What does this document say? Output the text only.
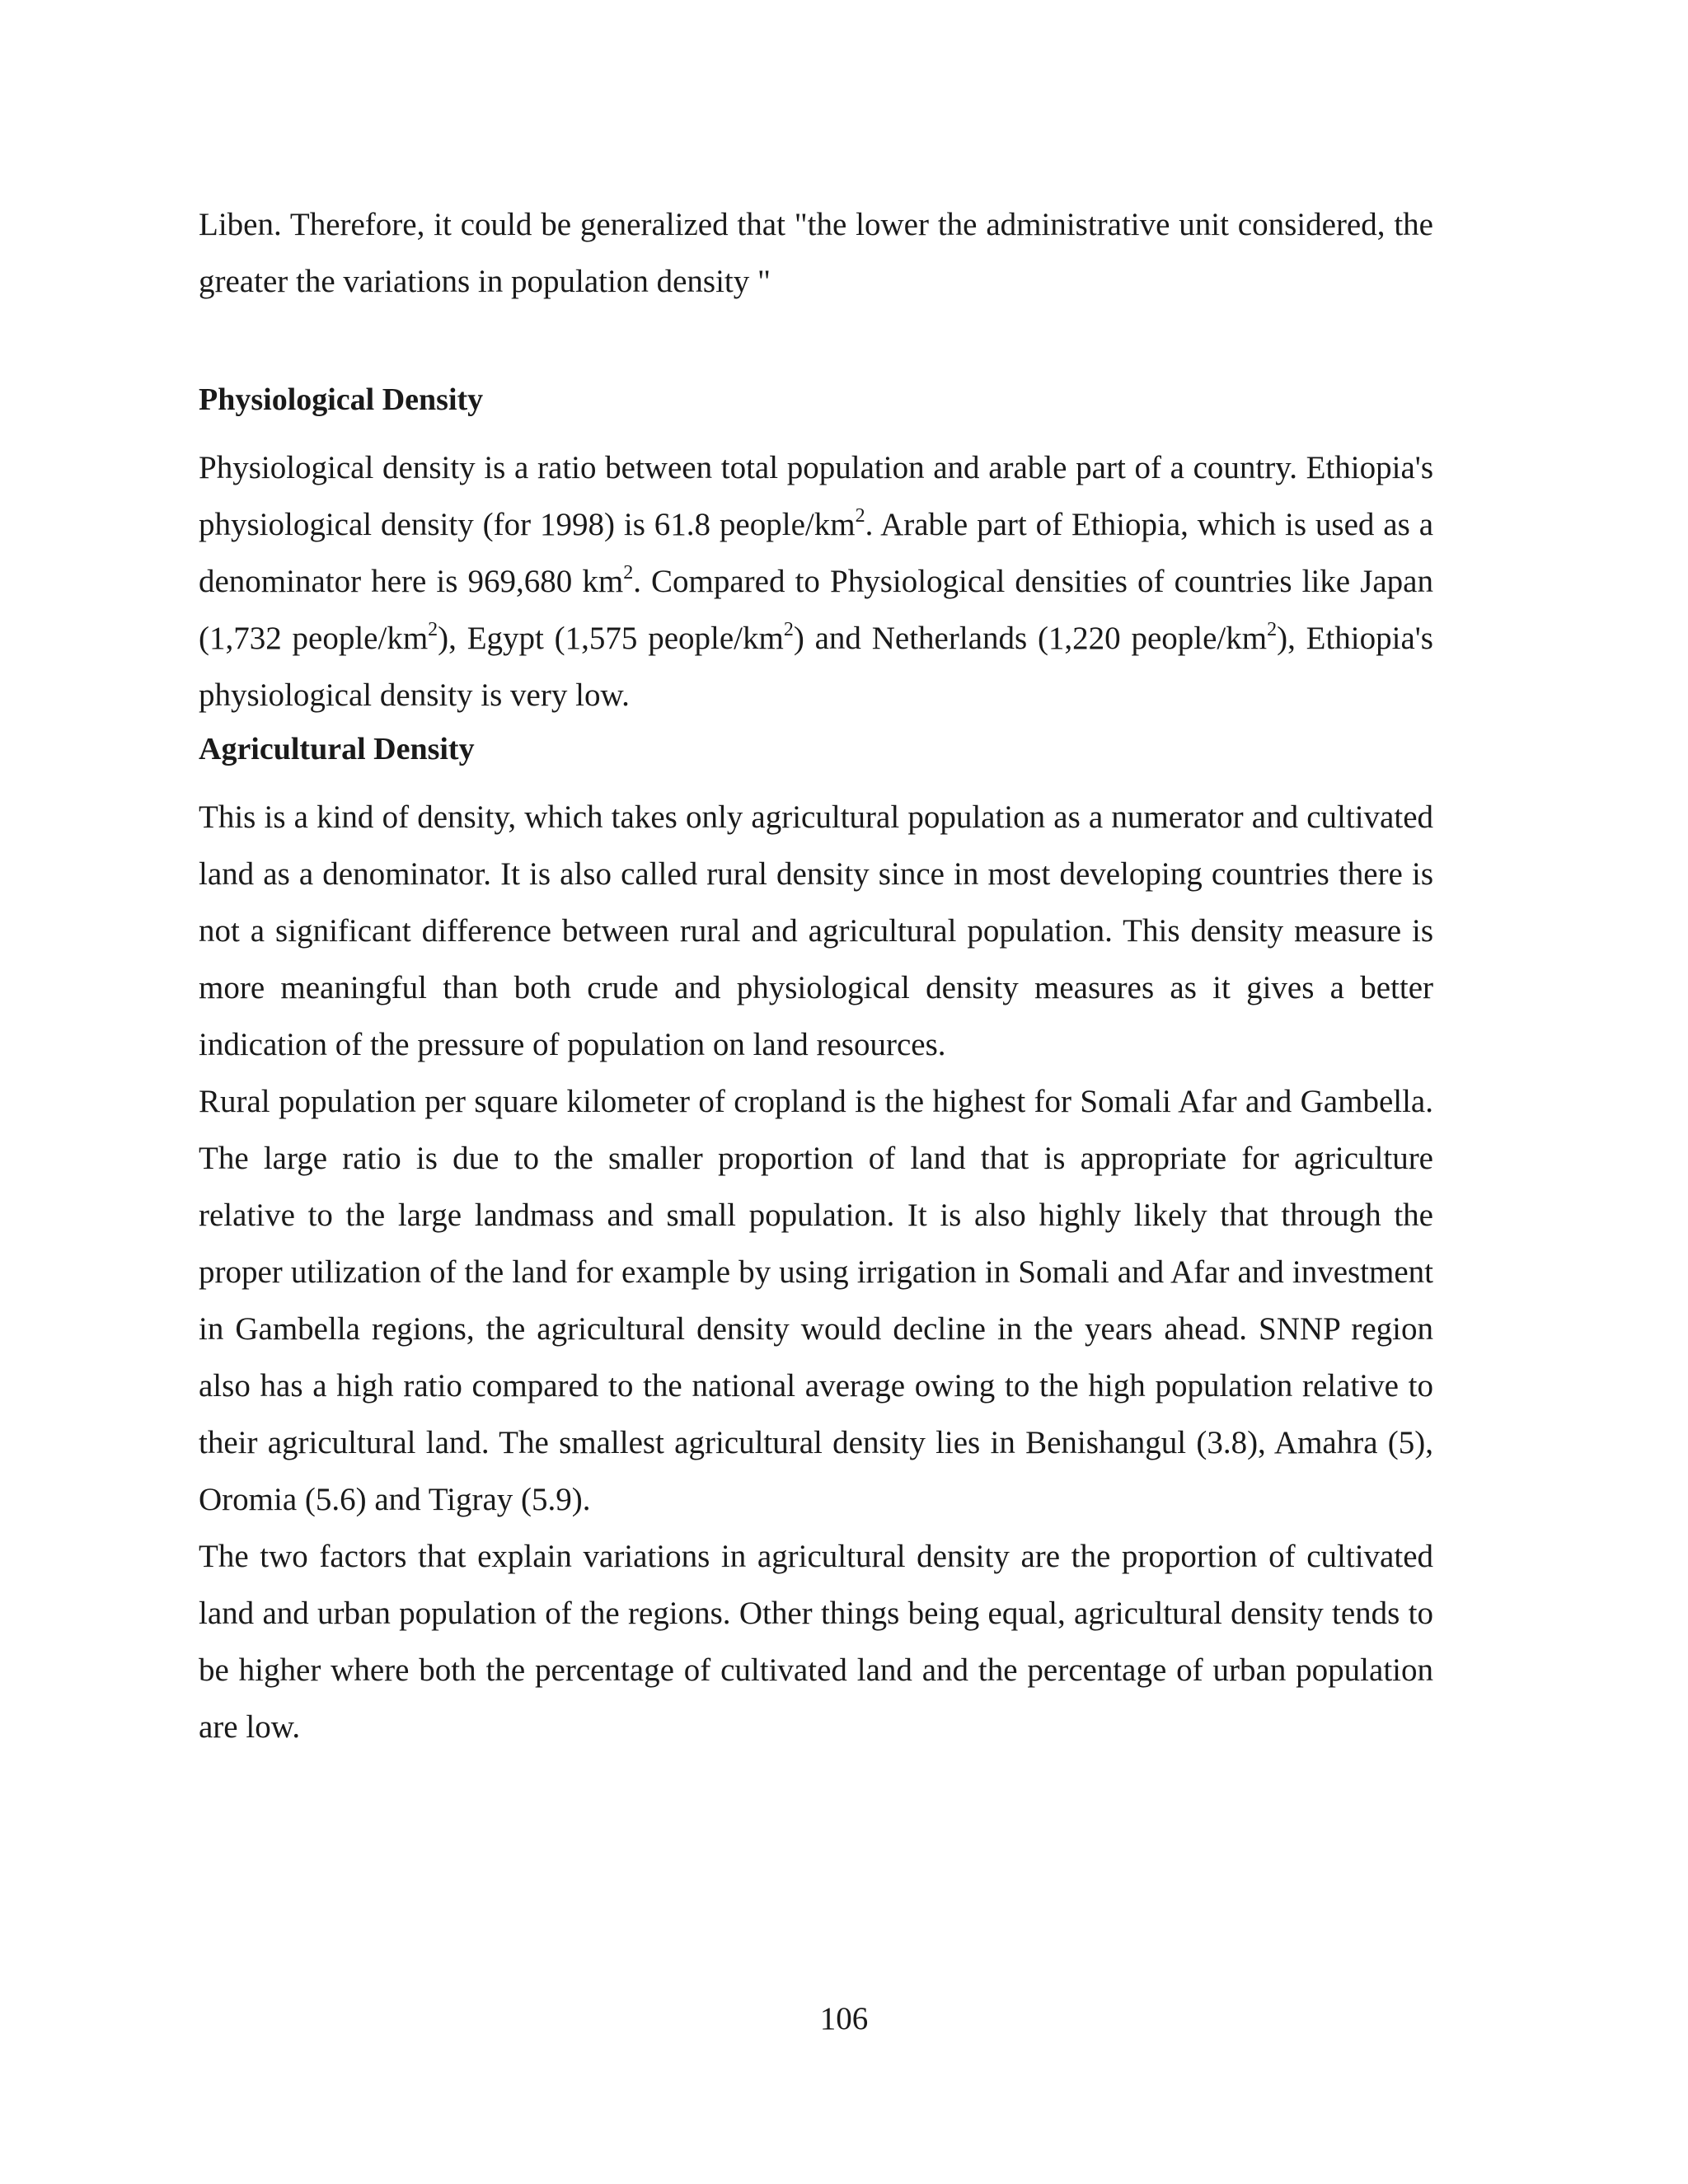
Liben. Therefore, it could be generalized that "the lower the administrative unit considered, the greater the variations in population density "

Physiological Density

Physiological density is a ratio between total population and arable part of a country. Ethiopia's physiological density (for 1998) is 61.8 people/$km^2$. Arable part of Ethiopia, which is used as a denominator here is 969,680 $km^2$. Compared to Physiological densities of countries like Japan (1,732 people/$km^2$), Egypt (1,575 people/$km^2$) and Netherlands (1,220 people/$km^2$), Ethiopia's physiological density is very low.

Agricultural Density

This is a kind of density, which takes only agricultural population as a numerator and cultivated land as a denominator. It is also called rural density since in most developing countries there is not a significant difference between rural and agricultural population. This density measure is more meaningful than both crude and physiological density measures as it gives a better indication of the pressure of population on land resources.

Rural population per square kilometer of cropland is the highest for Somali Afar and Gambella. The large ratio is due to the smaller proportion of land that is appropriate for agriculture relative to the large landmass and small population. It is also highly likely that through the proper utilization of the land for example by using irrigation in Somali and Afar and investment in Gambella regions, the agricultural density would decline in the years ahead. SNNP region also has a high ratio compared to the national average owing to the high population relative to their agricultural land. The smallest agricultural density lies in Benishangul (3.8), Amahra (5), Oromia (5.6) and Tigray (5.9).

The two factors that explain variations in agricultural density are the proportion of cultivated land and urban population of the regions. Other things being equal, agricultural density tends to be higher where both the percentage of cultivated land and the percentage of urban population are low.

106
